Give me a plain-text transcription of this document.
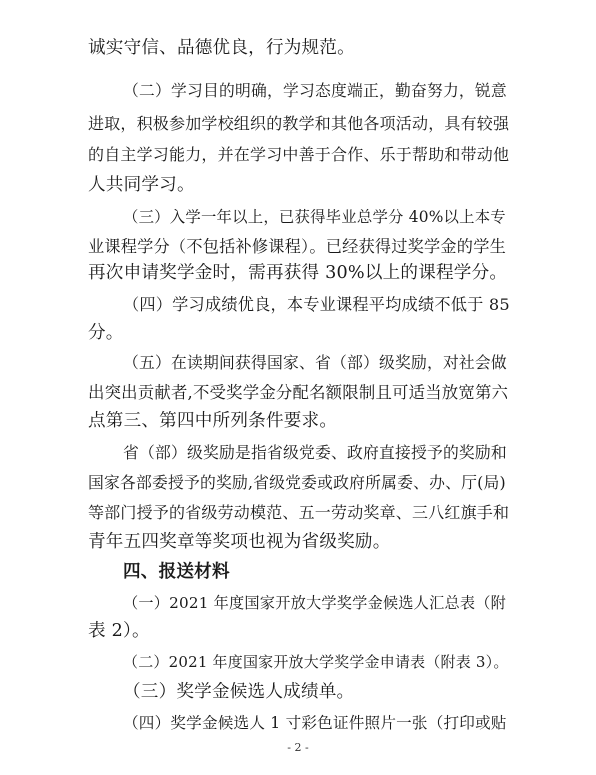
诚实守信、品德优良，行为规范。
（二）学习目的明确，学习态度端正，勤奋努力，锐意
进取，积极参加学校组织的教学和其他各项活动，具有较强
的自主学习能力，并在学习中善于合作、乐于帮助和带动他
人共同学习。
（三）入学一年以上，已获得毕业总学分 40%以上本专
业课程学分（不包括补修课程）。已经获得过奖学金的学生
再次申请奖学金时，需再获得 30%以上的课程学分。
（四）学习成绩优良，本专业课程平均成绩不低于 85
分。
（五）在读期间获得国家、省（部）级奖励，对社会做
出突出贡献者,不受奖学金分配名额限制且可适当放宽第六
点第三、第四中所列条件要求。
省（部）级奖励是指省级党委、政府直接授予的奖励和
国家各部委授予的奖励,省级党委或政府所属委、办、厅(局)
等部门授予的省级劳动模范、五一劳动奖章、三八红旗手和
青年五四奖章等奖项也视为省级奖励。
四、报送材料
（一）2021 年度国家开放大学奖学金候选人汇总表（附
表 2）。
（二）2021 年度国家开放大学奖学金申请表（附表 3）。
（三）奖学金候选人成绩单。
（四）奖学金候选人 1 寸彩色证件照片一张（打印或贴
- 2 -
